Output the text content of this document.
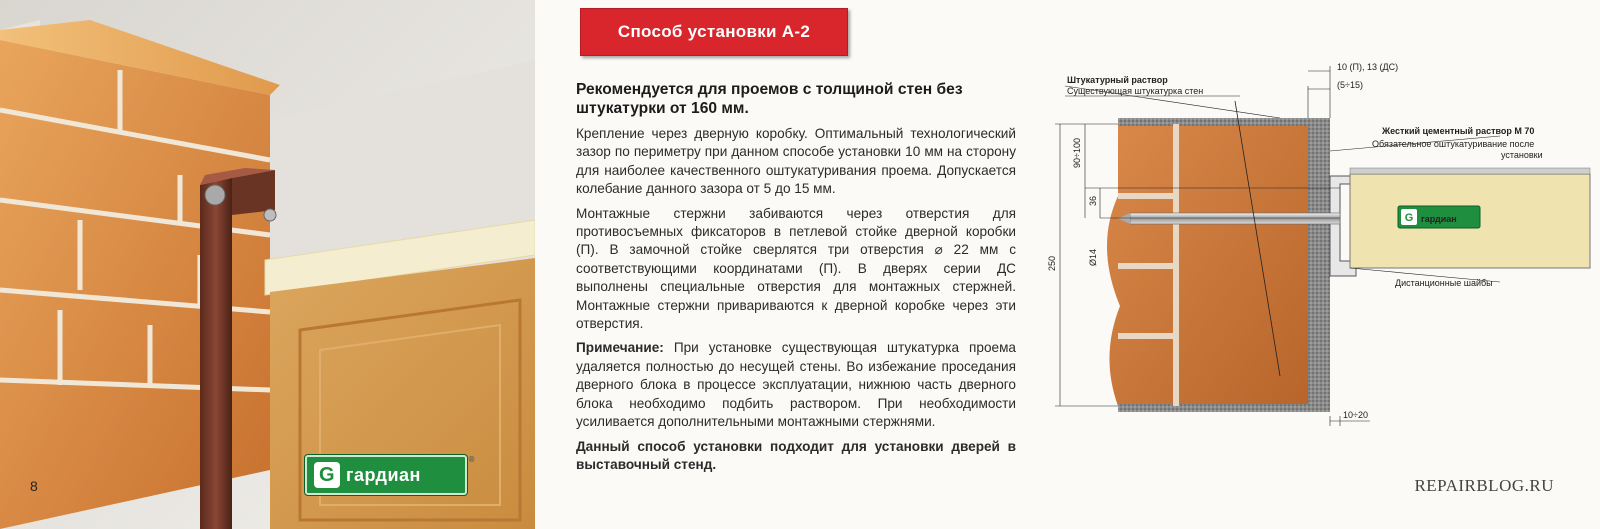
8
G гардиан
®
Способ установки А-2
Рекомендуется для проемов с толщиной стен без штукатурки от 160 мм.

Крепление через дверную коробку. Оптимальный технологический зазор по периметру при данном способе установки 10 мм на сторону для наиболее качественного оштукатуривания проема. Допускается колебание данного зазора от 5 до 15 мм.

Монтажные стержни забиваются через отверстия для противосъемных фиксаторов в петлевой стойке дверной коробки (П). В замочной стойке сверлятся три отверстия ⌀ 22 мм с соответствующими координатами (П). В дверях серии ДС выполнены специальные отверстия для монтажных стержней. Монтажные стержни привариваются к дверной коробке через эти отверстия.

Примечание: При установке существующая штукатурка проема удаляется полностью до несущей стены. Во избежание проседания дверного блока в процессе эксплуатации, нижнюю часть дверного блока необходимо подбить раствором. При необходимости усиливается дополнительными монтажными стержнями.

Данный способ установки подходит для установки дверей в выставочный стенд.

G гардиан
Штукатурный раствор
Существующая штукатурка стен
10 (П), 13 (ДС)
(5÷15)
Жесткий цементный раствор М 70
Обязательное оштукатуривание после
установки
Дистанционные шайбы
10÷20
90÷100
36
Ø14
250
REPAIRBLOG.RU
